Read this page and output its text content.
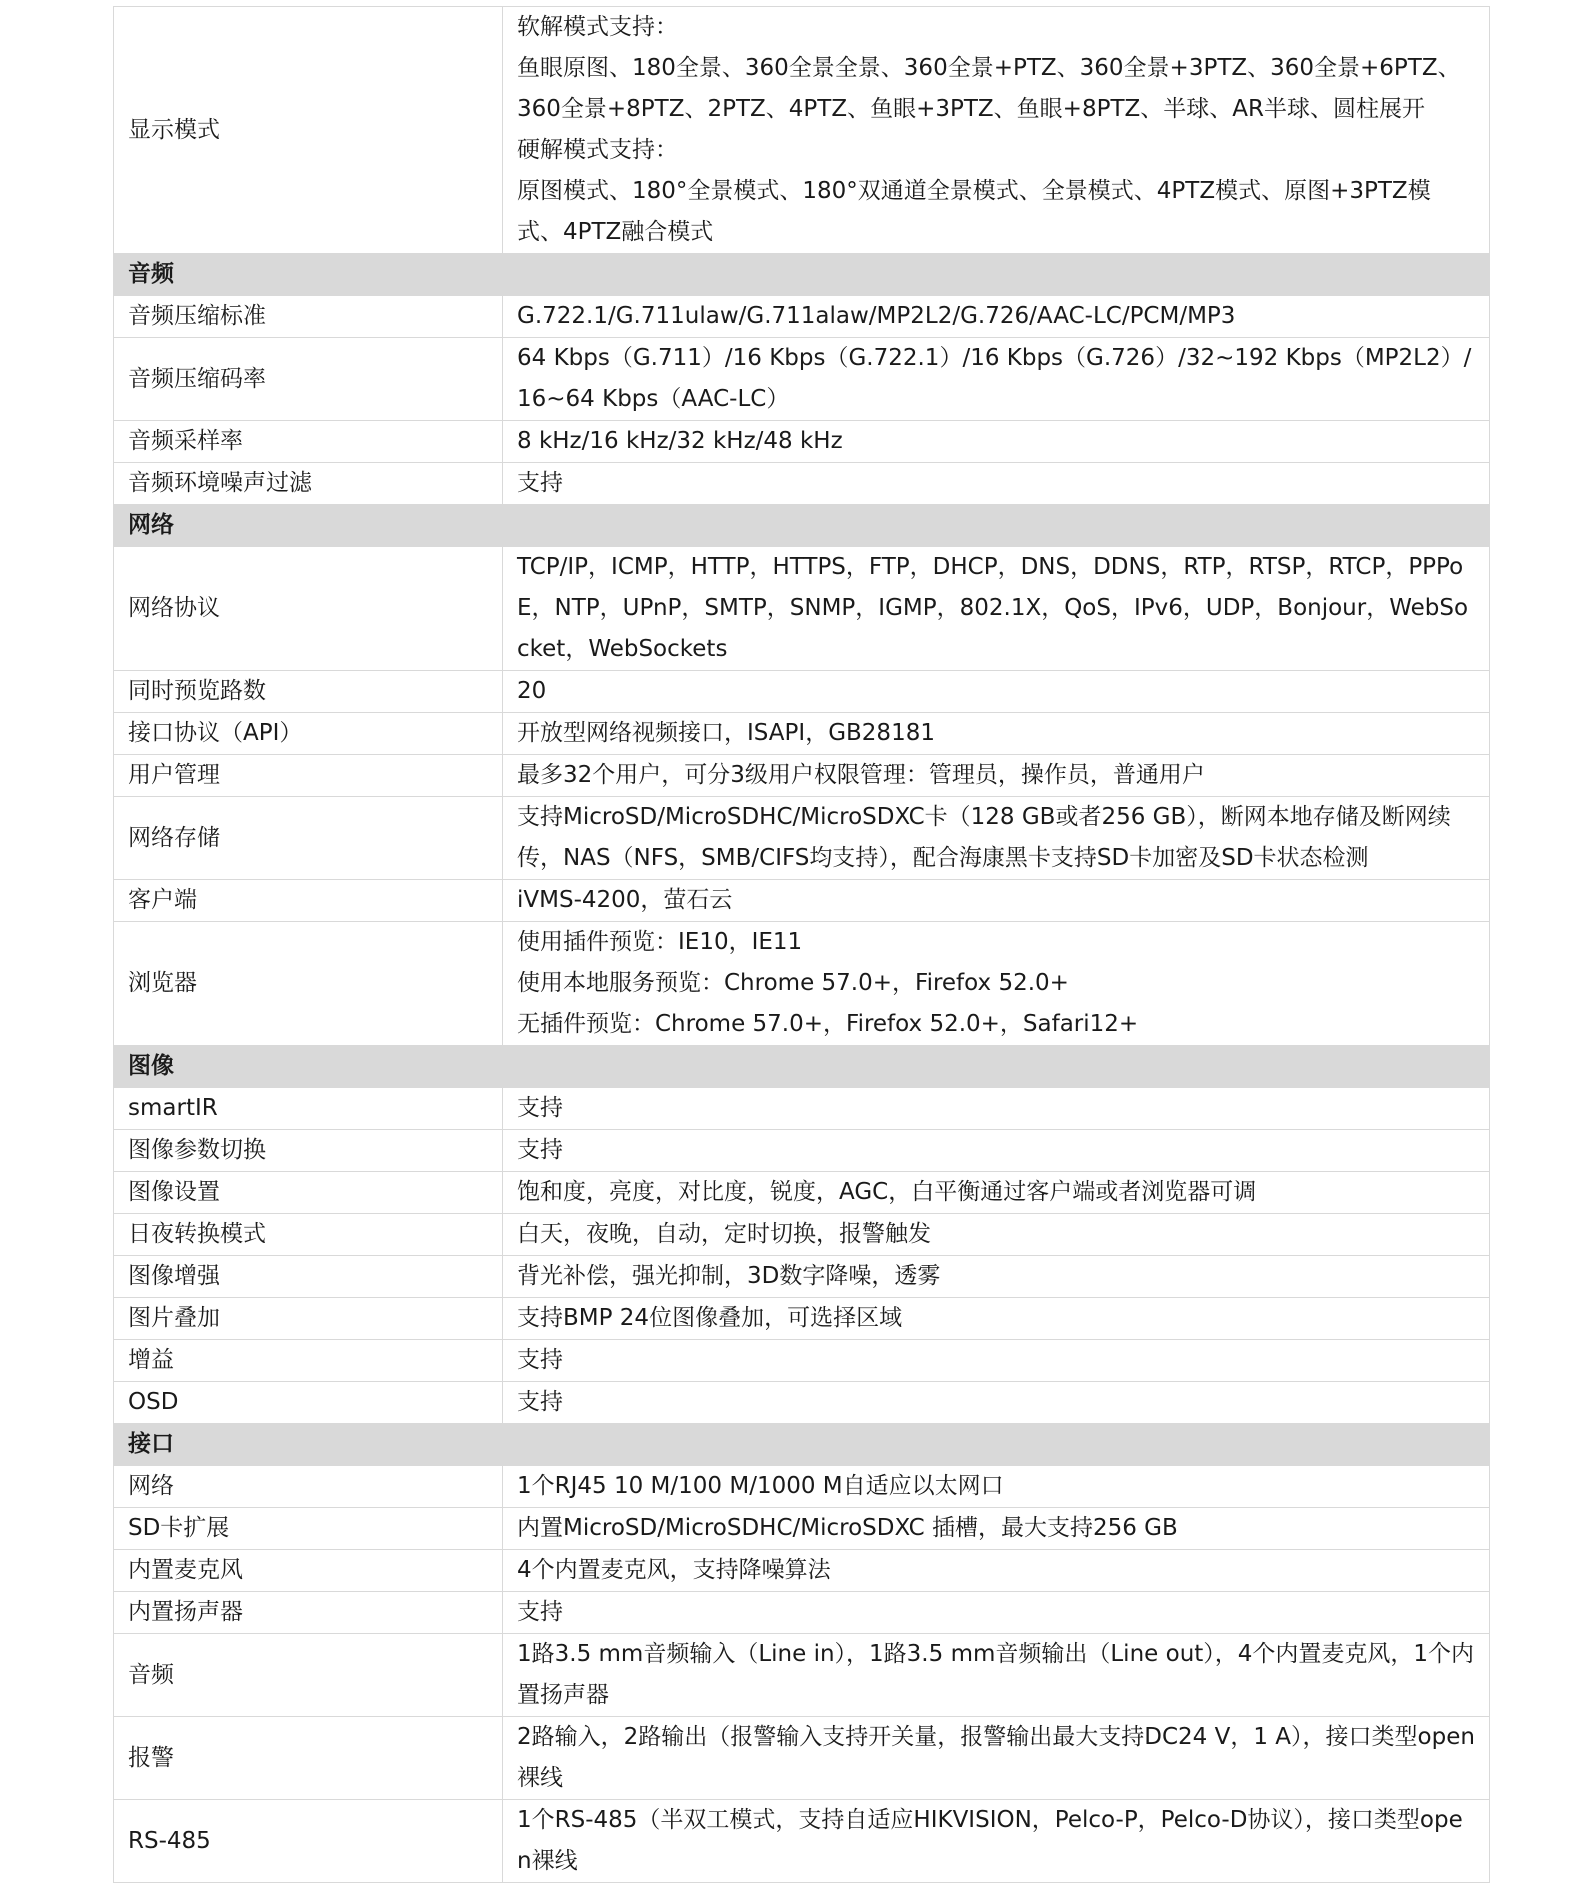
显示模式	软解模式支持：
鱼眼原图、180全景、360全景全景、360全景+PTZ、360全景+3PTZ、360全景+6PTZ、360全景+8PTZ、2PTZ、4PTZ、鱼眼+3PTZ、鱼眼+8PTZ、半球、AR半球、圆柱展开
硬解模式支持：
原图模式、180°全景模式、180°双通道全景模式、全景模式、4PTZ模式、原图+3PTZ模式、4PTZ融合模式

音频	
音频压缩标准	G.722.1/G.711ulaw/G.711alaw/MP2L2/G.726/AAC-LC/PCM/MP3

音频压缩码率	64 Kbps（G.711）/16 Kbps（G.722.1）/16 Kbps（G.726）/32~192 Kbps（MP2L2）/16~64 Kbps（AAC-LC）

音频采样率	8 kHz/16 kHz/32 kHz/48 kHz

音频环境噪声过滤	支持

网络	
网络协议	TCP/IP，ICMP，HTTP，HTTPS，FTP，DHCP，DNS，DDNS，RTP，RTSP，RTCP，PPPoE，NTP，UPnP，SMTP，SNMP，IGMP，802.1X，QoS，IPv6，UDP，Bonjour，WebSocket，WebSockets

同时预览路数	20

接口协议（API）	开放型网络视频接口，ISAPI，GB28181

用户管理	最多32个用户，可分3级用户权限管理：管理员，操作员，普通用户

网络存储	支持MicroSD/MicroSDHC/MicroSDXC卡（128 GB或者256 GB），断网本地存储及断网续传，NAS（NFS，SMB/CIFS均支持），配合海康黑卡支持SD卡加密及SD卡状态检测

客户端	iVMS-4200，萤石云

浏览器	使用插件预览：IE10，IE11
使用本地服务预览：Chrome 57.0+，Firefox 52.0+
无插件预览：Chrome 57.0+，Firefox 52.0+，Safari12+

图像	
smartIR	支持

图像参数切换	支持

图像设置	饱和度，亮度，对比度，锐度，AGC，白平衡通过客户端或者浏览器可调

日夜转换模式	白天，夜晚，自动，定时切换，报警触发

图像增强	背光补偿，强光抑制，3D数字降噪，透雾

图片叠加	支持BMP 24位图像叠加，可选择区域

增益	支持

OSD	支持

接口	
网络	1个RJ45 10 M/100 M/1000 M自适应以太网口

SD卡扩展	内置MicroSD/MicroSDHC/MicroSDXC 插槽，最大支持256 GB

内置麦克风	4个内置麦克风，支持降噪算法

内置扬声器	支持

音频	1路3.5 mm音频输入（Line in），1路3.5 mm音频输出（Line out），4个内置麦克风，1个内置扬声器

报警	2路输入，2路输出（报警输入支持开关量，报警输出最大支持DC24 V，1 A），接口类型open裸线

RS-485	1个RS-485（半双工模式，支持自适应HIKVISION，Pelco-P，Pelco-D协议），接口类型open裸线
